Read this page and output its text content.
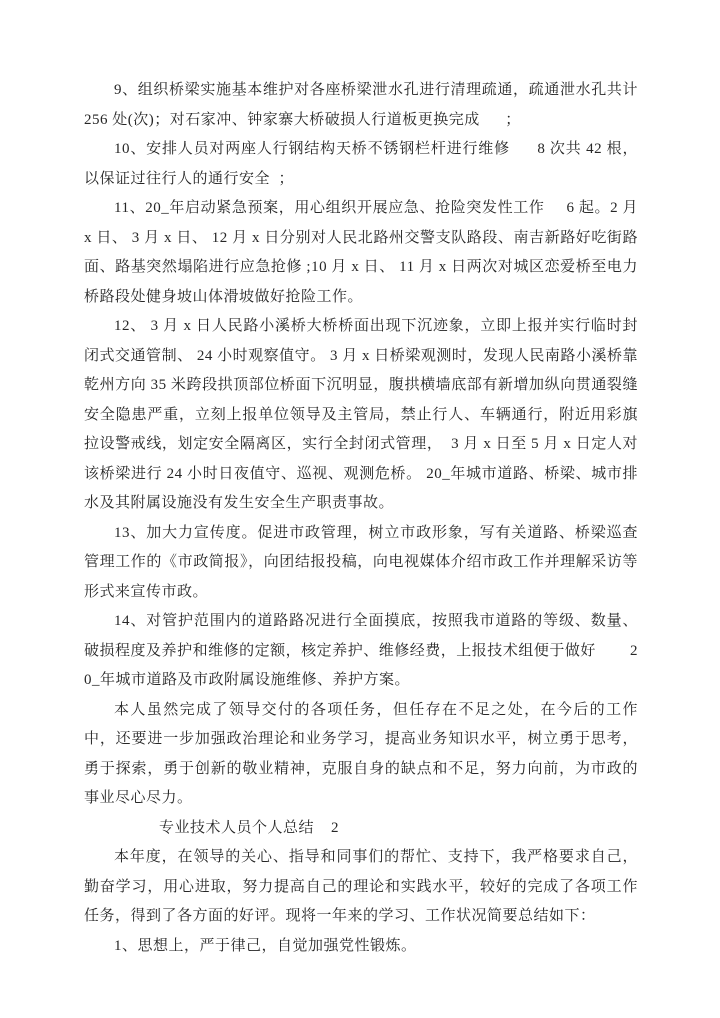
9、组织桥梁实施基本维护对各座桥梁泄水孔进行清理疏通，疏通泄水孔共计        256 处(次)；对石家冲、钟家寨大桥破损人行道板更换完成      ；

10、安排人员对两座人行钢结构天桥不锈钢栏杆进行维修      8 次共 42 根，以保证过往行人的通行安全  ；

11、20_年启动紧急预案，用心组织开展应急、抢险突发性工作     6 起。2 月 x 日、 3 月 x 日、 12 月 x 日分别对人民北路州交警支队路段、南吉新路好吃街路面、路基突然塌陷进行应急抢修 ;10 月 x 日、 11 月 x 日两次对城区恋爱桥至电力桥路段处健身坡山体滑坡做好抢险工作。

12、 3 月 x 日人民路小溪桥大桥桥面出现下沉迹象，立即上报并实行临时封闭式交通管制、 24 小时观察值守。 3 月 x 日桥梁观测时，发现人民南路小溪桥靠乾州方向 35 米跨段拱顶部位桥面下沉明显，腹拱横墙底部有新增加纵向贯通裂缝安全隐患严重，立刻上报单位领导及主管局，禁止行人、车辆通行，附近用彩旗拉设警戒线，划定安全隔离区，实行全封闭式管理，  3 月 x 日至 5 月 x 日定人对该桥梁进行 24 小时日夜值守、巡视、观测危桥。 20_年城市道路、桥梁、城市排水及其附属设施没有发生安全生产职责事故。

13、加大力宣传度。促进市政管理，树立市政形象，写有关道路、桥梁巡查管理工作的《市政简报》，向团结报投稿，向电视媒体介绍市政工作并理解采访等形式来宣传市政。

14、对管护范围内的道路路况进行全面摸底，按照我市道路的等级、数量、破损程度及养护和维修的定额，核定养护、维修经费，上报技术组便于做好        20_年城市道路及市政附属设施维修、养护方案。

本人虽然完成了领导交付的各项任务，但任存在不足之处，在今后的工作中，还要进一步加强政治理论和业务学习，提高业务知识水平，树立勇于思考，勇于探索，勇于创新的敬业精神，克服自身的缺点和不足，努力向前，为市政的事业尽心尽力。

专业技术人员个人总结    2

本年度，在领导的关心、指导和同事们的帮忙、支持下，我严格要求自己，勤奋学习，用心进取，努力提高自己的理论和实践水平，较好的完成了各项工作任务，得到了各方面的好评。现将一年来的学习、工作状况简要总结如下：

1、思想上，严于律己，自觉加强党性锻炼。
